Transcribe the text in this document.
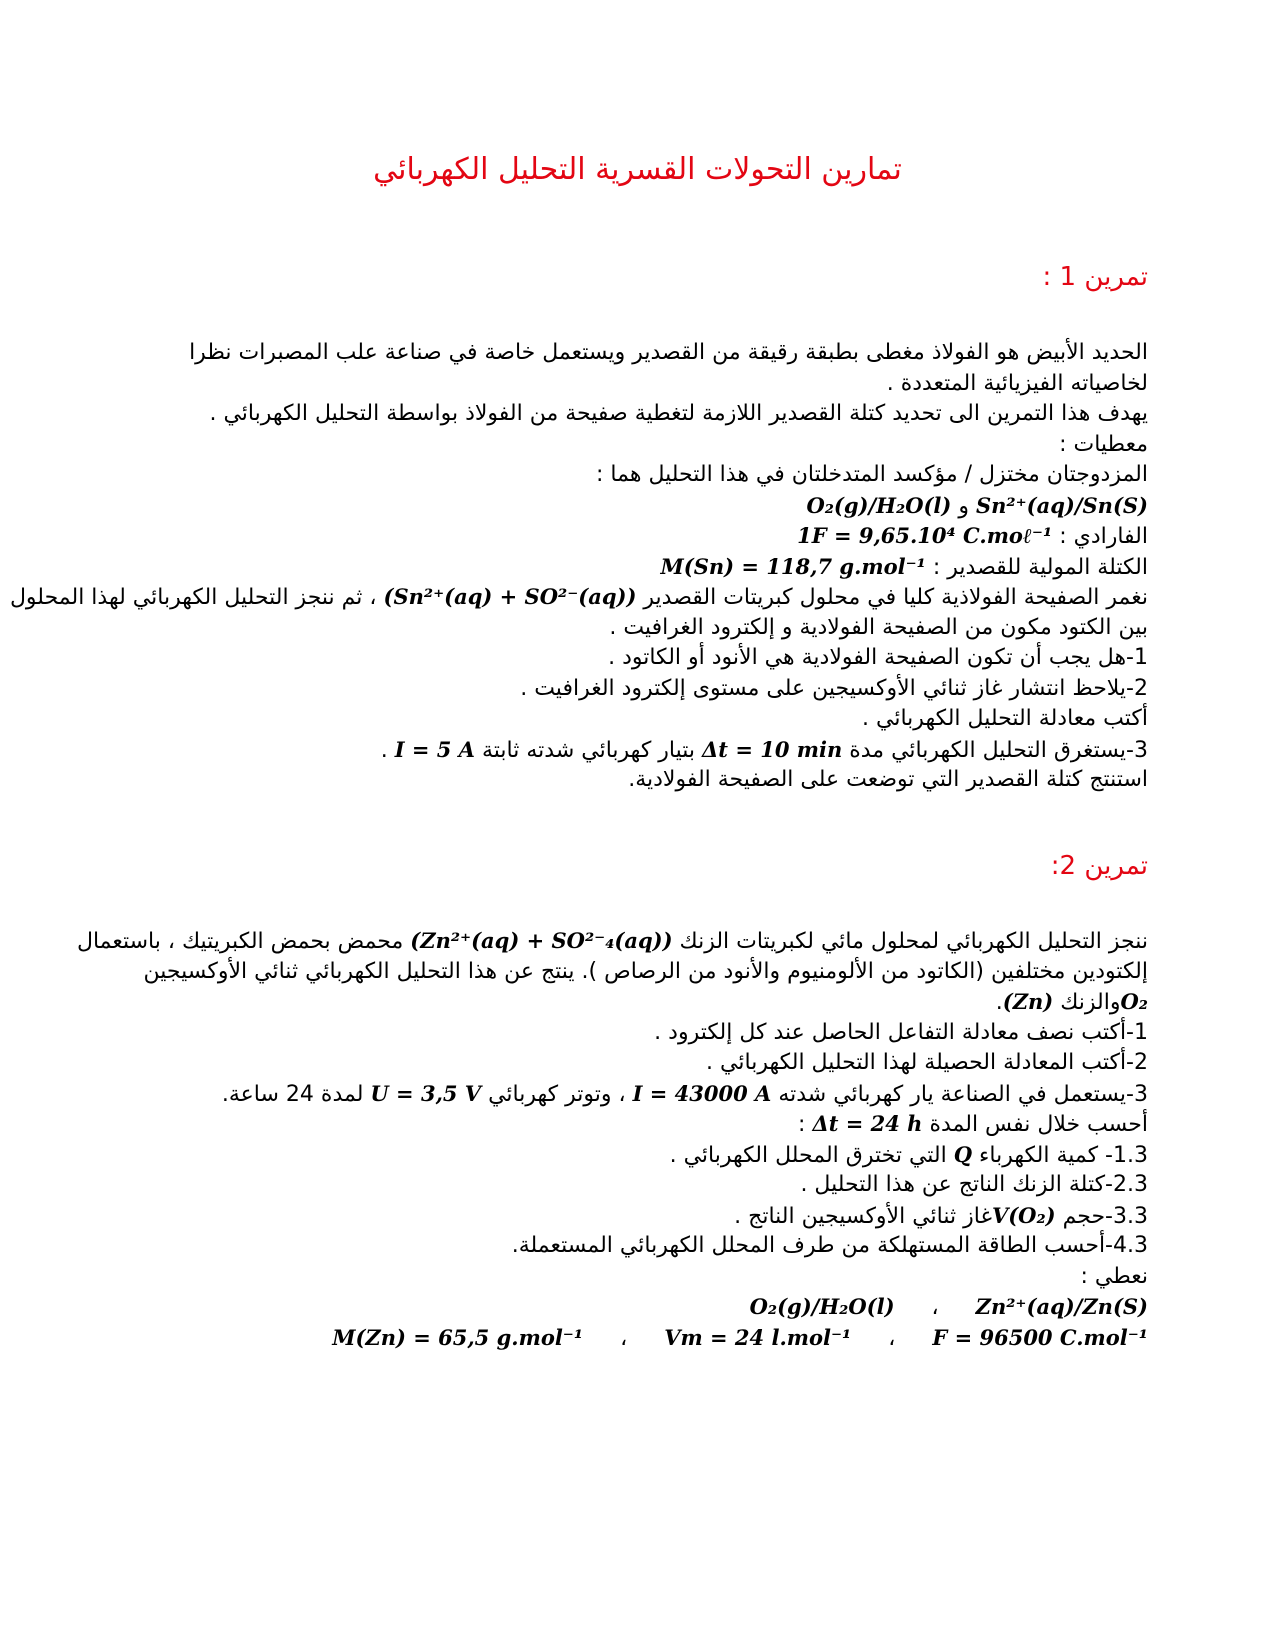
تمارين التحولات القسرية التحليل الكهربائي
تمرين 1 :
الحديد الأبيض هو الفولاذ مغطى بطبقة رقيقة من القصدير ويستعمل خاصة في صناعة علب المصبرات نظرا لخاصياته الفيزيائية المتعددة .
يهدف هذا التمرين الى تحديد كتلة القصدير اللازمة لتغطية صفيحة من الفولاذ بواسطة التحليل الكهربائي .
معطيات :
المزدوجتان مختزل / مؤكسد المتدخلتان في هذا التحليل هما :
Sn²⁺(aq)/Sn(S) و O₂(g)/H₂O(l)
الفارادي : 1F = 9,65.10⁴ C.moℓ⁻¹
الكتلة المولية للقصدير : M(Sn) = 118,7 g.mol⁻¹
نغمر الصفيحة الفولاذية كليا في محلول كبريتات القصدير (Sn²⁺(aq) + SO²⁻(aq)) ، ثم ننجز التحليل الكهربائي لهذا المحلول
بين الكتود مكون من الصفيحة الفولادية و إلكترود الغرافيت .
1-هل يجب أن تكون الصفيحة الفولادية هي الأنود أو الكاتود .
2-يلاحظ انتشار غاز ثنائي الأوكسيجين على مستوى إلكترود الغرافيت .
أكتب معادلة التحليل الكهربائي .
3-يستغرق التحليل الكهربائي مدة Δt = 10 min بتيار كهربائي شدته ثابتة I = 5 A .
استنتج كتلة القصدير التي توضعت على الصفيحة الفولادية.
تمرين 2:
ننجز التحليل الكهربائي لمحلول مائي لكبريتات الزنك (Zn²⁺(aq) + SO²⁻₄(aq)) محمض بحمض الكبريتيك ، باستعمال
إلكتودين مختلفين (الكاتود من الألومنيوم والأنود من الرصاص ). ينتج عن هذا التحليل الكهربائي ثنائي الأوكسيجين
O₂والزنك (Zn).
1-أكتب نصف معادلة التفاعل الحاصل عند كل إلكترود .
2-أكتب المعادلة الحصيلة لهذا التحليل الكهربائي .
3-يستعمل في الصناعة يار كهربائي شدته I = 43000 A ، وتوتر كهربائي U = 3,5 V لمدة 24 ساعة.
أحسب خلال نفس المدة Δt = 24 h :
1.3- كمية الكهرباء Q التي تخترق المحلل الكهربائي .
2.3-كتلة الزنك الناتج عن هذا التحليل .
3.3-حجم V(O₂)غاز ثنائي الأوكسيجين الناتج .
4.3-أحسب الطاقة المستهلكة من طرف المحلل الكهربائي المستعملة.
نعطي :
Zn²⁺(aq)/Zn(S) ، O₂(g)/H₂O(l)
F = 96500 C.mol⁻¹ ، Vm = 24 l.mol⁻¹ ، M(Zn) = 65,5 g.mol⁻¹
